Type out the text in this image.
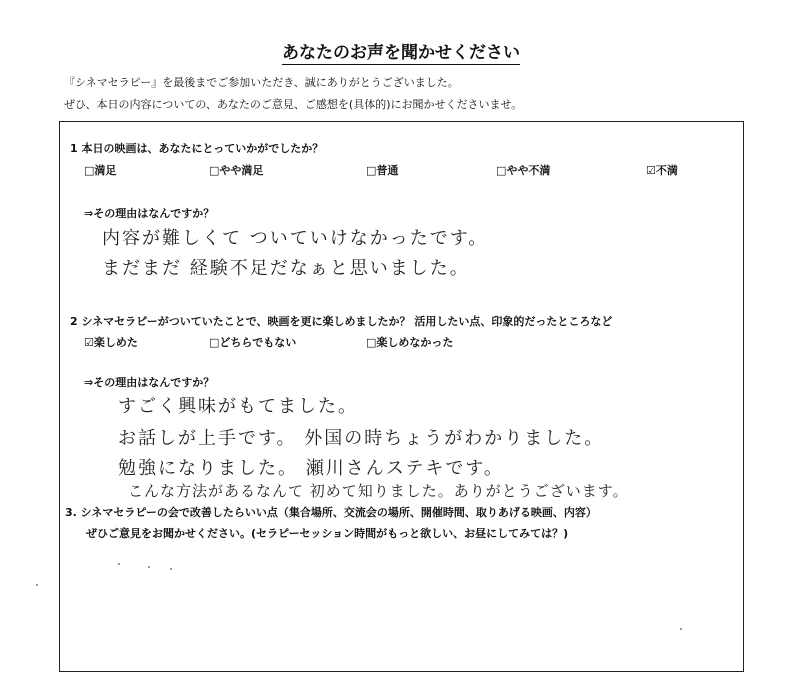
あなたのお声を聞かせください
『シネマセラピー』を最後までご参加いただき、誠にありがとうございました。
ぜひ、本日の内容についての、あなたのご意見、ご感想を(具体的)にお聞かせくださいませ。
1 本日の映画は、あなたにとっていかがでしたか？
□満足	□やや満足	□普通	□やや不満	☑不満
⇒その理由はなんですか？
内容が難しくて ついていけなかったです。
まだまだ 経験不足だなぁと思いました。
2 シネマセラピーがついていたことで、映画を更に楽しめましたか？ 活用したい点、印象的だったところなど
☑楽しめた	□どちらでもない	□楽しめなかった
⇒その理由はなんですか？
すごく興味がもてました。
お話しが上手です。 外国の時ちょうがわかりました。
勉強になりました。 瀬川さんステキです。
こんな方法があるなんて 初めて知りました。ありがとうございます。
3. シネマセラピーの会で改善したらいい点（集合場所、交流会の場所、開催時間、取りあげる映画、内容）
ぜひご意見をお聞かせください。(セラピーセッション時間がもっと欲しい、お昼にしてみては？)
